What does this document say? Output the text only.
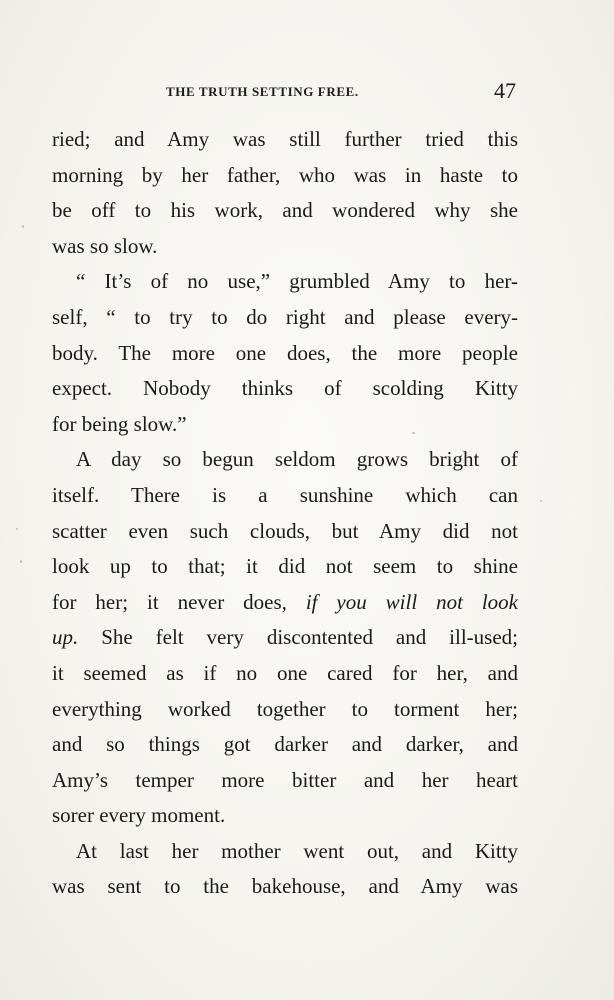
THE TRUTH SETTING FREE.	47
ried; and Amy was still further tried this
morning by her father, who was in haste to
be off to his work, and wondered why she
was so slow.
“ It’s of no use,” grumbled Amy to her-
self, “ to try to do right and please every-
body. The more one does, the more people
expect. Nobody thinks of scolding Kitty
for being slow.”
A day so begun seldom grows bright of
itself. There is a sunshine which can
scatter even such clouds, but Amy did not
look up to that; it did not seem to shine
for her; it never does, if you will not look
up. She felt very discontented and ill-used;
it seemed as if no one cared for her, and
everything worked together to torment her;
and so things got darker and darker, and
Amy’s temper more bitter and her heart
sorer every moment.
At last her mother went out, and Kitty
was sent to the bakehouse, and Amy was
